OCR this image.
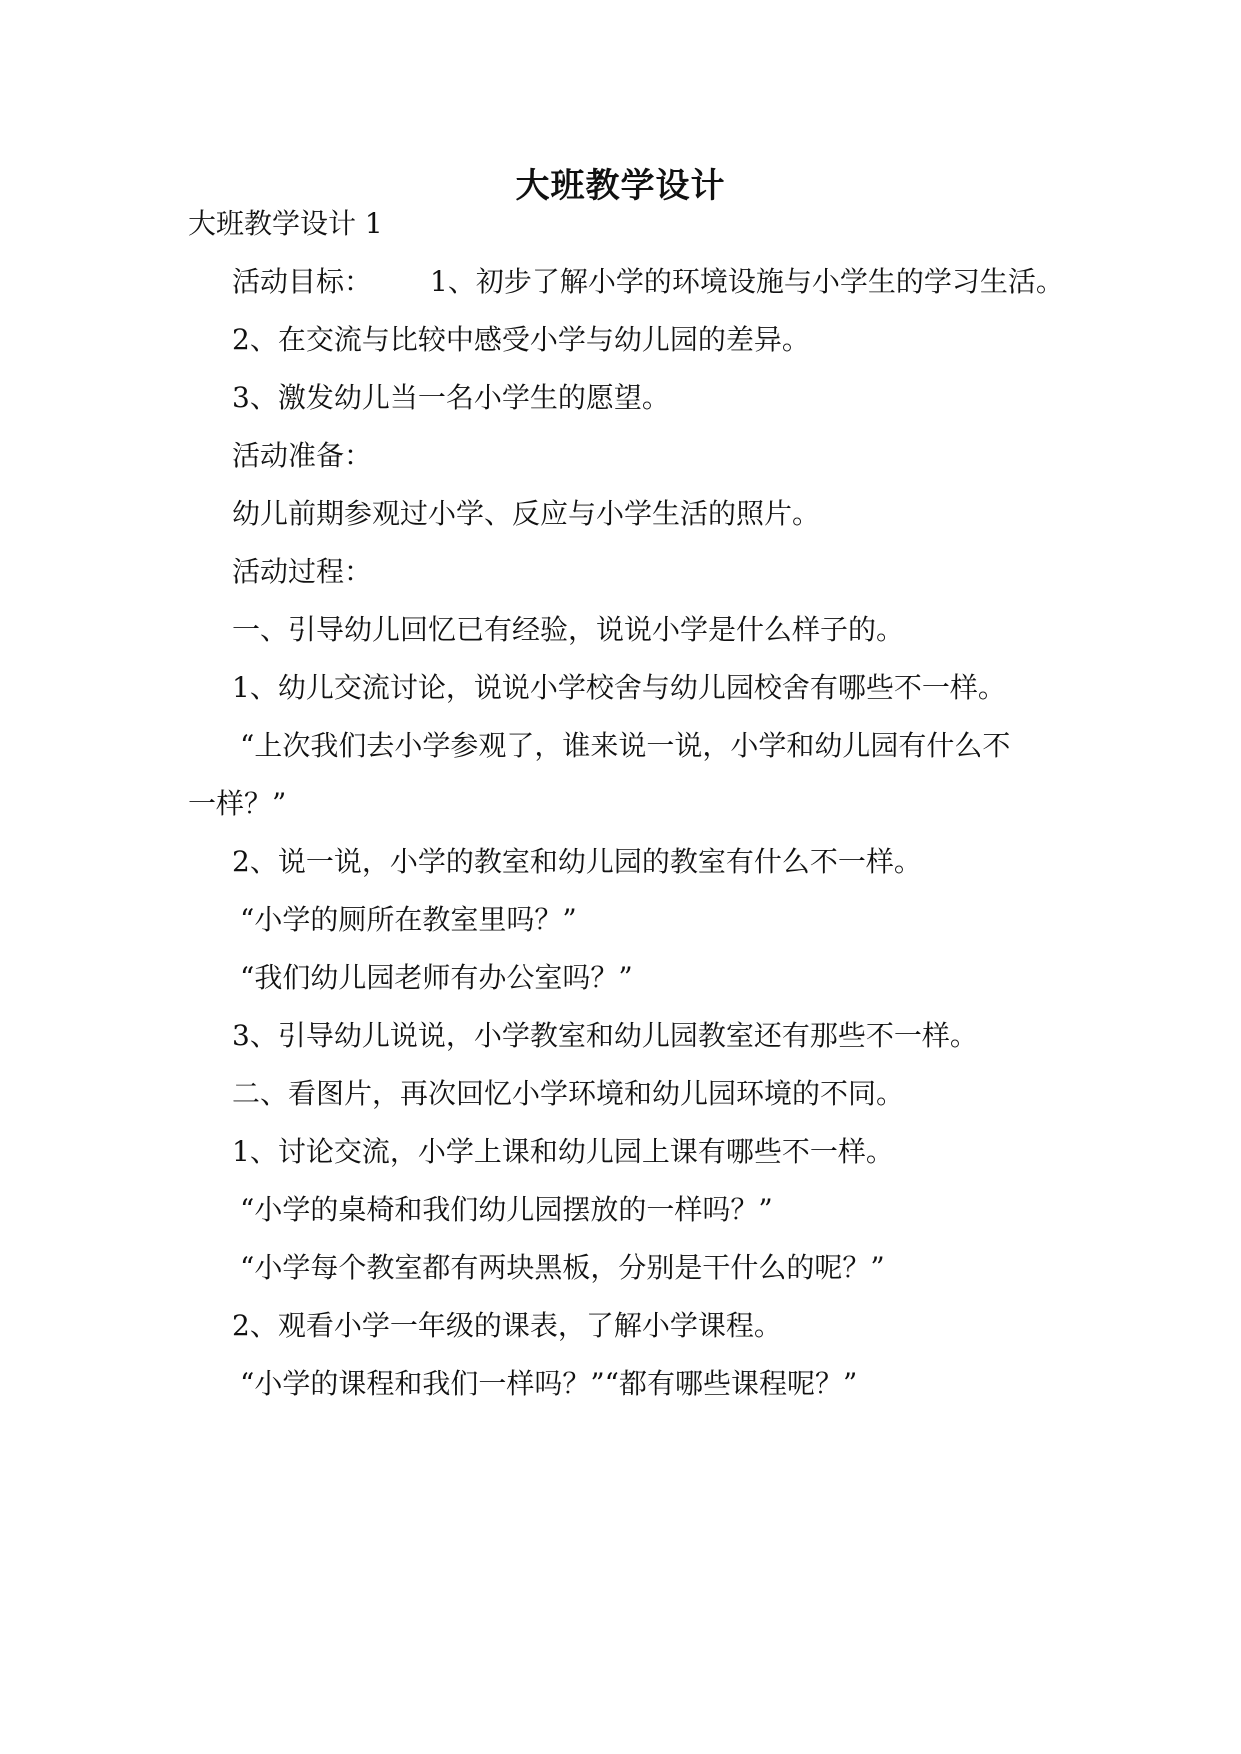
大班教学设计
大班教学设计 1
活动目标： 1、初步了解小学的环境设施与小学生的学习生活。
2、在交流与比较中感受小学与幼儿园的差异。
3、激发幼儿当一名小学生的愿望。
活动准备：
幼儿前期参观过小学、反应与小学生活的照片。
活动过程：
一、引导幼儿回忆已有经验，说说小学是什么样子的。
1、幼儿交流讨论，说说小学校舍与幼儿园校舍有哪些不一样。
“上次我们去小学参观了，谁来说一说，小学和幼儿园有什么不
一样？”
2、说一说，小学的教室和幼儿园的教室有什么不一样。
“小学的厕所在教室里吗？”
“我们幼儿园老师有办公室吗？”
3、引导幼儿说说，小学教室和幼儿园教室还有那些不一样。
二、看图片，再次回忆小学环境和幼儿园环境的不同。
1、讨论交流，小学上课和幼儿园上课有哪些不一样。
“小学的桌椅和我们幼儿园摆放的一样吗？”
“小学每个教室都有两块黑板，分别是干什么的呢？”
2、观看小学一年级的课表，了解小学课程。
“小学的课程和我们一样吗？”“都有哪些课程呢？”
